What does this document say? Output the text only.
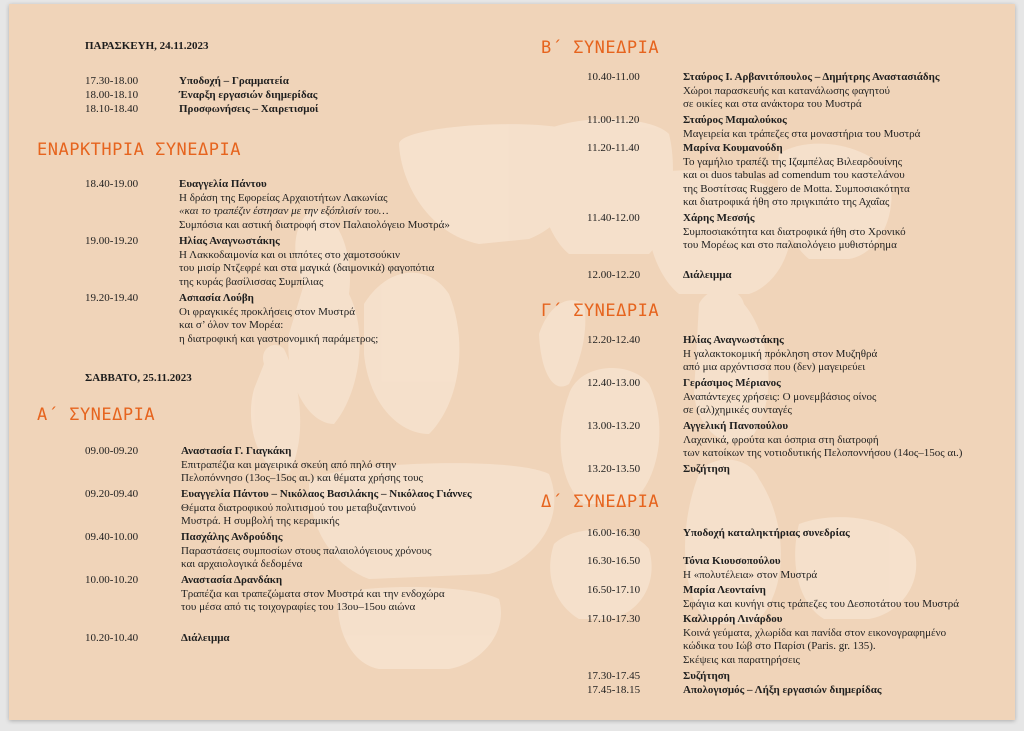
ΠΑΡΑΣΚΕΥΗ, 24.11.2023
17.30-18.00	Υποδοχή – Γραμματεία
18.00-18.10	Έναρξη εργασιών διημερίδας
18.10-18.40	Προσφωνήσεις – Χαιρετισμοί
ΕΝΑΡΚΤΗΡΙΑ ΣΥΝΕΔΡΙΑ
18.40-19.00	Ευαγγελία Πάντου
Η δράση της Εφορείας Αρχαιοτήτων Λακωνίας
«και το τραπέζιν έστησαν με την εξόπλισίν του…
Συμπόσια και αστική διατροφή στον Παλαιολόγειο Μυστρά»
19.00-19.20	Ηλίας Αναγνωστάκης
Η Λακκοδαιμονία και οι ιππότες στο χαμοτσούκιν
του μισίρ Ντζεφρέ και στα μαγικά (δαιμονικά) φαγοπότια
της κυράς βασίλισσας Συμπίλιας
19.20-19.40	Ασπασία Λούβη
Οι φραγκικές προκλήσεις στον Μυστρά
και σ’ όλον τον Μορέα:
η διατροφική και γαστρονομική παράμετρος;
ΣΑΒΒΑΤΟ, 25.11.2023
Α΄ ΣΥΝΕΔΡΙΑ
09.00-09.20	Αναστασία Γ. Γιαγκάκη
Επιτραπέζια και μαγειρικά σκεύη από πηλό στην
Πελοπόννησο (13ος–15ος αι.) και θέματα χρήσης τους
09.20-09.40	Ευαγγελία Πάντου – Νικόλαος Βασιλάκης – Νικόλαος Γιάννες
Θέματα διατροφικού πολιτισμού του μεταβυζαντινού
Μυστρά. Η συμβολή της κεραμικής
09.40-10.00	Πασχάλης Ανδρούδης
Παραστάσεις συμποσίων στους παλαιολόγειους χρόνους
και αρχαιολογικά δεδομένα
10.00-10.20	Αναστασία Δρανδάκη
Τραπέζια και τραπεζώματα στον Μυστρά και την ενδοχώρα
του μέσα από τις τοιχογραφίες του 13ου–15ου αιώνα
10.20-10.40	Διάλειμμα
Β΄ ΣΥΝΕΔΡΙΑ
10.40-11.00	Σταύρος Ι. Αρβανιτόπουλος – Δημήτρης Αναστασιάδης
Χώροι παρασκευής και κατανάλωσης φαγητού
σε οικίες και στα ανάκτορα του Μυστρά
11.00-11.20	Σταύρος Μαμαλούκος
Μαγειρεία και τράπεζες στα μοναστήρια του Μυστρά
11.20-11.40	Μαρίνα Κουμανούδη
Το γαμήλιο τραπέζι της Ιζαμπέλας Βιλεαρδουίνης
και οι duos tabulas ad comendum του καστελάνου
της Βοστίτσας Ruggero de Motta. Συμποσιακότητα
και διατροφικά ήθη στο πριγκιπάτο της Αχαΐας
11.40-12.00	Χάρης Μεσσής
Συμποσιακότητα και διατροφικά ήθη στο Χρονικό
του Μορέως και στο παλαιολόγειο μυθιστόρημα
12.00-12.20	Διάλειμμα
Γ΄ ΣΥΝΕΔΡΙΑ
12.20-12.40	Ηλίας Αναγνωστάκης
Η γαλακτοκομική πρόκληση στον Μυζηθρά
από μια αρχόντισσα που (δεν) μαγειρεύει
12.40-13.00	Γεράσιμος Μέριανος
Αναπάντεχες χρήσεις: Ο μονεμβάσιος οίνος
σε (αλ)χημικές συνταγές
13.00-13.20	Αγγελική Πανοπούλου
Λαχανικά, φρούτα και όσπρια στη διατροφή
των κατοίκων της νοτιοδυτικής Πελοποννήσου (14ος–15ος αι.)
13.20-13.50	Συζήτηση
Δ΄ ΣΥΝΕΔΡΙΑ
16.00-16.30	Υποδοχή καταληκτήριας συνεδρίας
16.30-16.50	Τόνια Κιουσοπούλου
Η «πολυτέλεια» στον Μυστρά
16.50-17.10	Μαρία Λεονταίνη
Σφάγια και κυνήγι στις τράπεζες του Δεσποτάτου του Μυστρά
17.10-17.30	Καλλιρρόη Λινάρδου
Κοινά γεύματα, χλωρίδα και πανίδα στον εικονογραφημένο
κώδικα του Ιώβ στο Παρίσι (Paris. gr. 135).
Σκέψεις και παρατηρήσεις
17.30-17.45	Συζήτηση
17.45-18.15	Απολογισμός – Λήξη εργασιών διημερίδας
